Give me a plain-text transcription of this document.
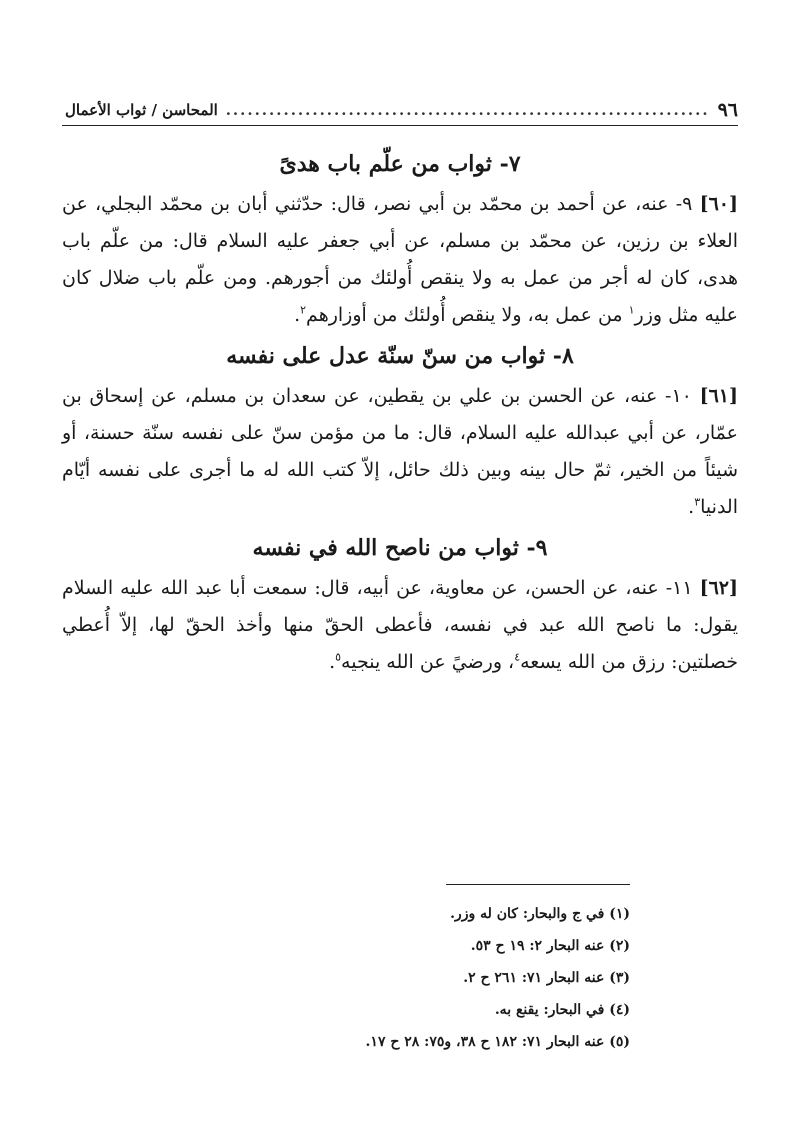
٩٦
.....
المحاسن / ثواب الأعمال
٧- ثواب من علّم باب هدىً

[٦٠] ٩- عنه، عن أحمد بن محمّد بن أبي نصر، قال: حدّثني أبان بن محمّد البجلي، عن العلاء بن رزين، عن محمّد بن مسلم، عن أبي جعفر عليه السلام قال: من علّم باب هدى، كان له أجر من عمل به ولا ينقص أُولئك من أجورهم. ومن علّم باب ضلال كان عليه مثل وزر$^١$ من عمل به، ولا ينقص أُولئك من أوزارهم$^٢$.

٨- ثواب من سنّ سنّة عدل على نفسه

[٦١] ١٠- عنه، عن الحسن بن علي بن يقطين، عن سعدان بن مسلم، عن إسحاق بن عمّار، عن أبي عبدالله عليه السلام، قال: ما من مؤمن سنّ على نفسه سنّة حسنة، أو شيئاً من الخير، ثمّ حال بينه وبين ذلك حائل، إلاّ كتب الله له ما أجرى على نفسه أيّام الدنيا$^٣$.

٩- ثواب من ناصح الله في نفسه

[٦٢] ١١- عنه، عن الحسن، عن معاوية، عن أبيه، قال: سمعت أبا عبد الله عليه السلام يقول: ما ناصح الله عبد في نفسه، فأعطى الحقّ منها وأخذ الحقّ لها، إلاّ أُعطي خصلتين: رزق من الله يسعه$^٤$، ورضيً عن الله ينجيه$^٥$.

(١) في ج والبحار: كان له وزر.
(٢) عنه البحار ٢: ١٩ ح ٥٣.
(٣) عنه البحار ٧١: ٢٦١ ح ٢.
(٤) في البحار: يقنع به.
(٥) عنه البحار ٧١: ١٨٢ ح ٣٨، و٧٥: ٢٨ ح ١٧.
